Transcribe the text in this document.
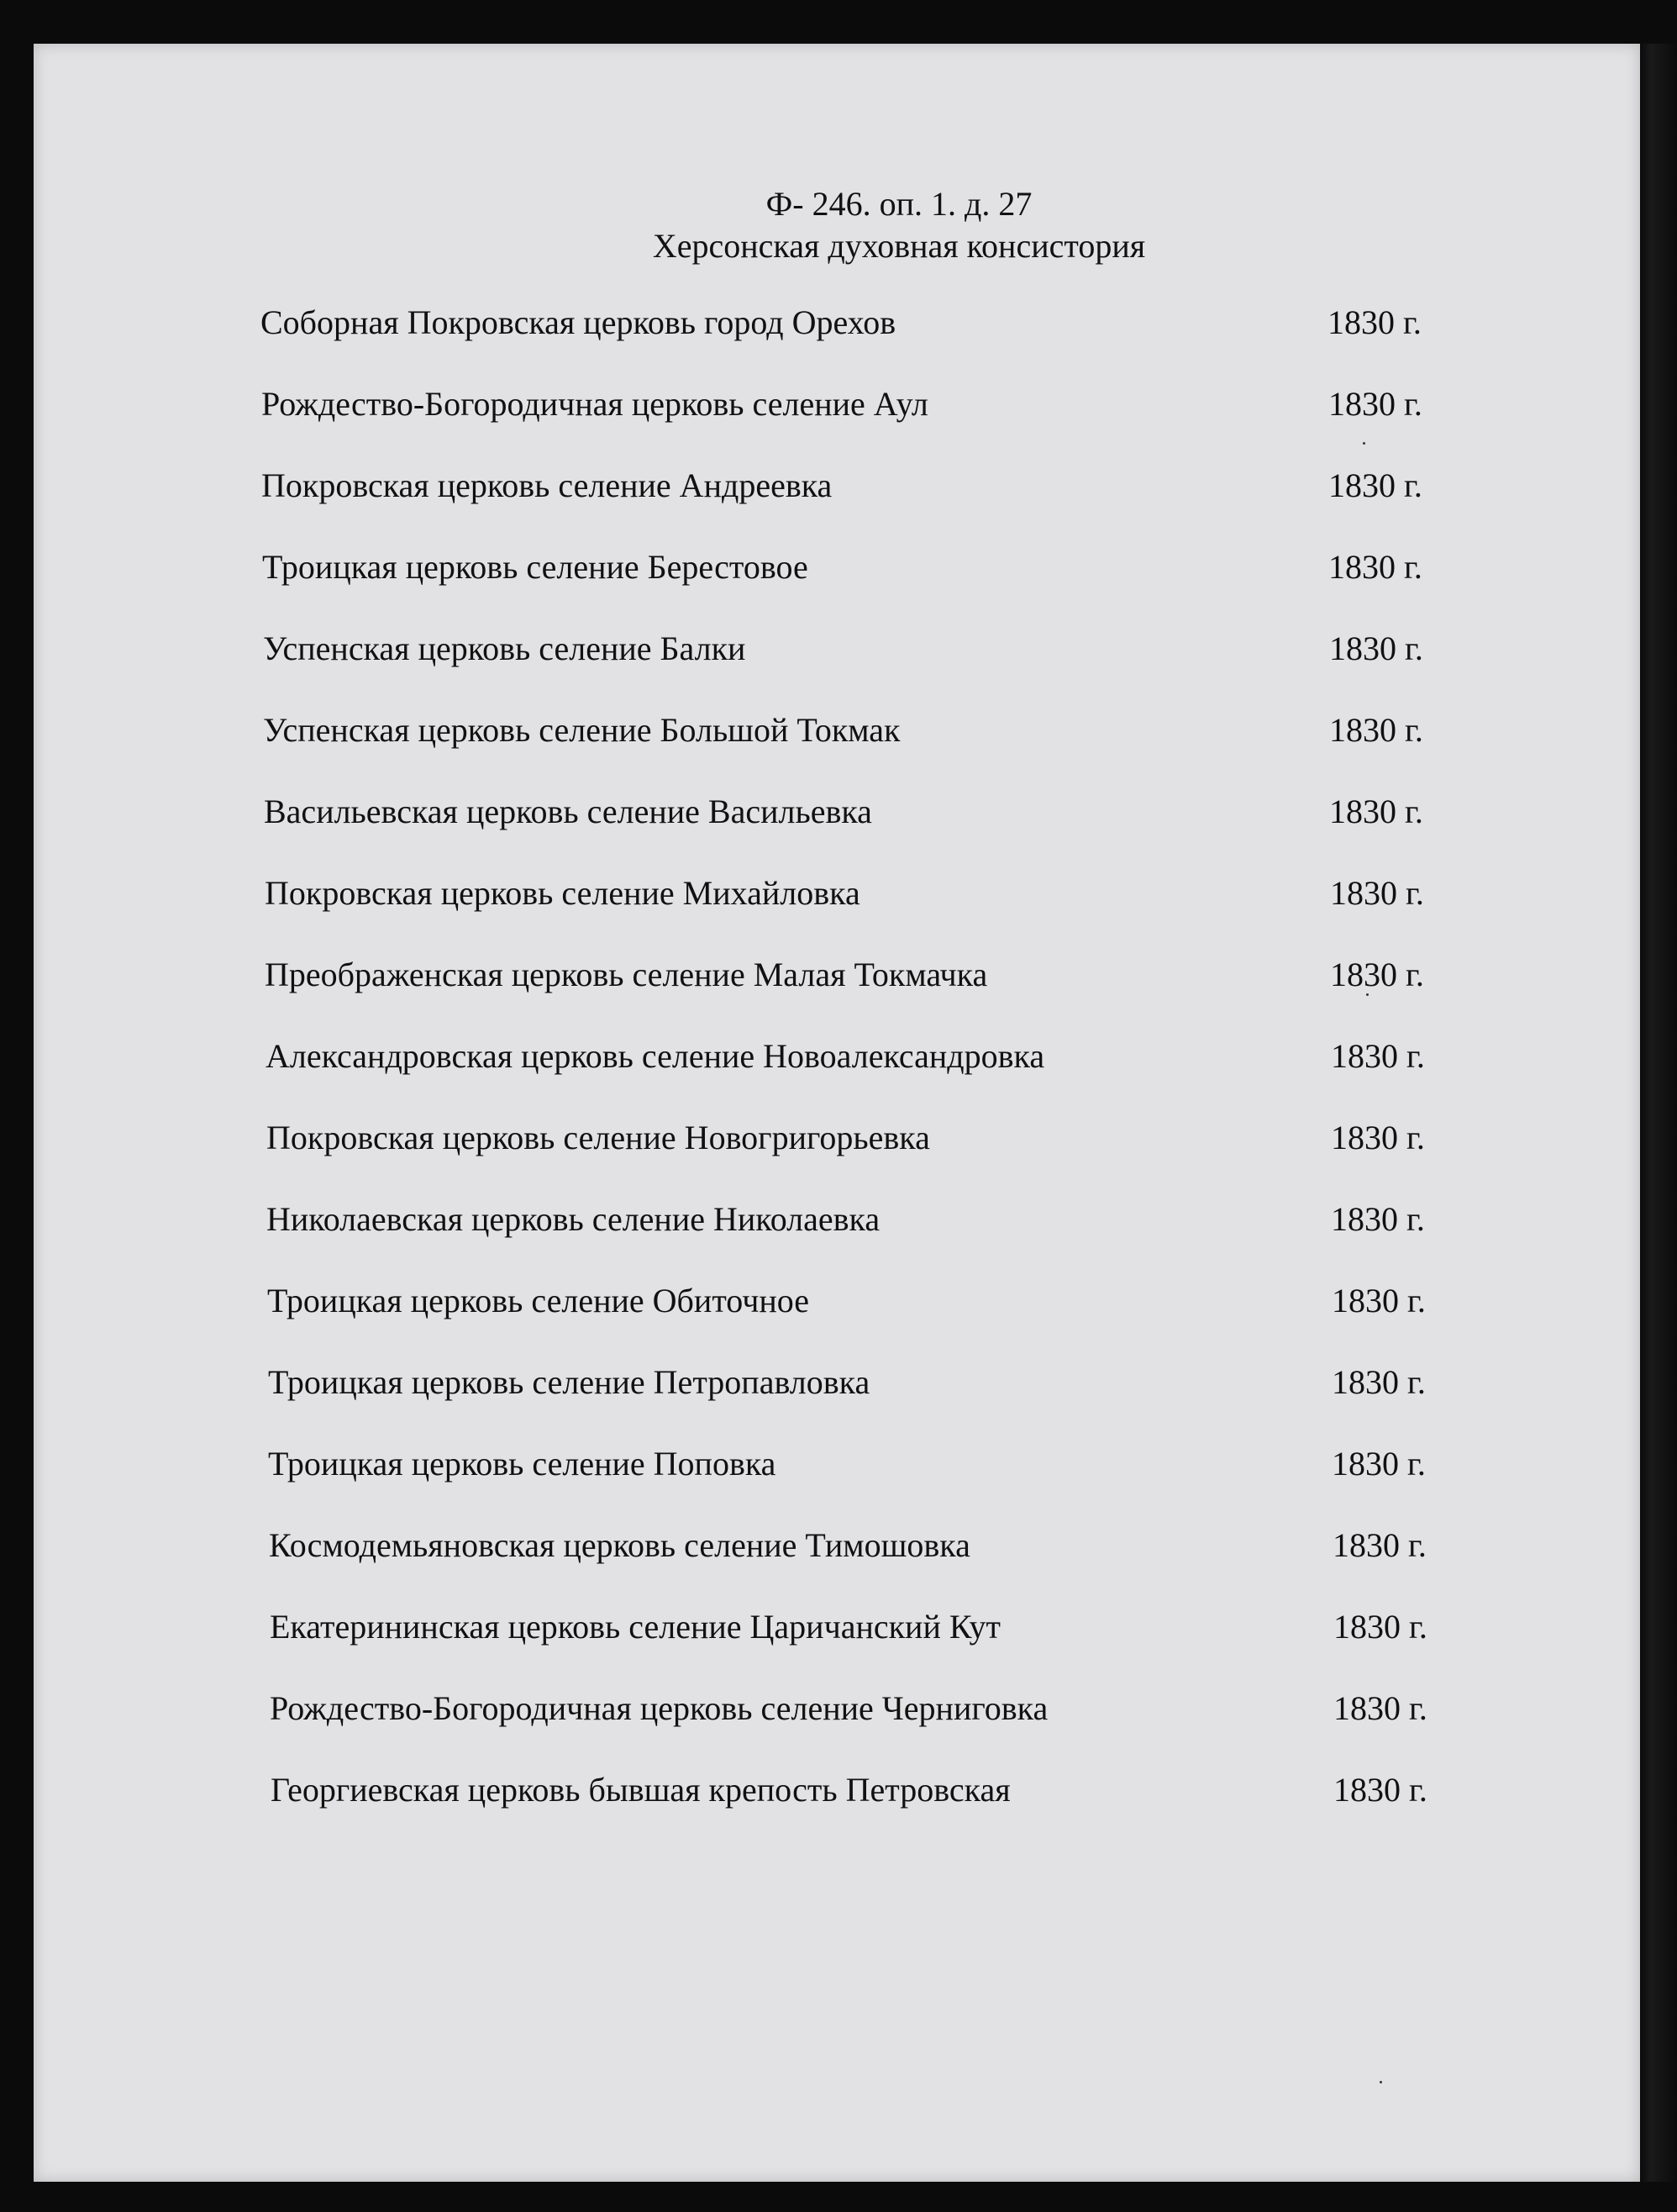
Ф- 246. оп. 1. д. 27
Херсонская духовная консистория
Соборная Покровская церковь город Орехов	1830 г.
Рождество-Богородичная церковь селение Аул	1830 г.
Покровская церковь селение Андреевка	1830 г.
Троицкая церковь селение Берестовое	1830 г.
Успенская церковь селение Балки	1830 г.
Успенская церковь селение Большой Токмак	1830 г.
Васильевская церковь селение Васильевка	1830 г.
Покровская церковь селение Михайловка	1830 г.
Преображенская церковь селение Малая Токмачка	1830 г.
Александровская церковь селение Новоалександровка	1830 г.
Покровская церковь селение Новогригорьевка	1830 г.
Николаевская церковь селение Николаевка	1830 г.
Троицкая церковь селение Обиточное	1830 г.
Троицкая церковь селение Петропавловка	1830 г.
Троицкая церковь селение Поповка	1830 г.
Космодемьяновская церковь селение Тимошовка	1830 г.
Екатерининская церковь селение Царичанский Кут	1830 г.
Рождество-Богородичная церковь селение Черниговка	1830 г.
Георгиевская церковь бывшая крепость Петровская	1830 г.
